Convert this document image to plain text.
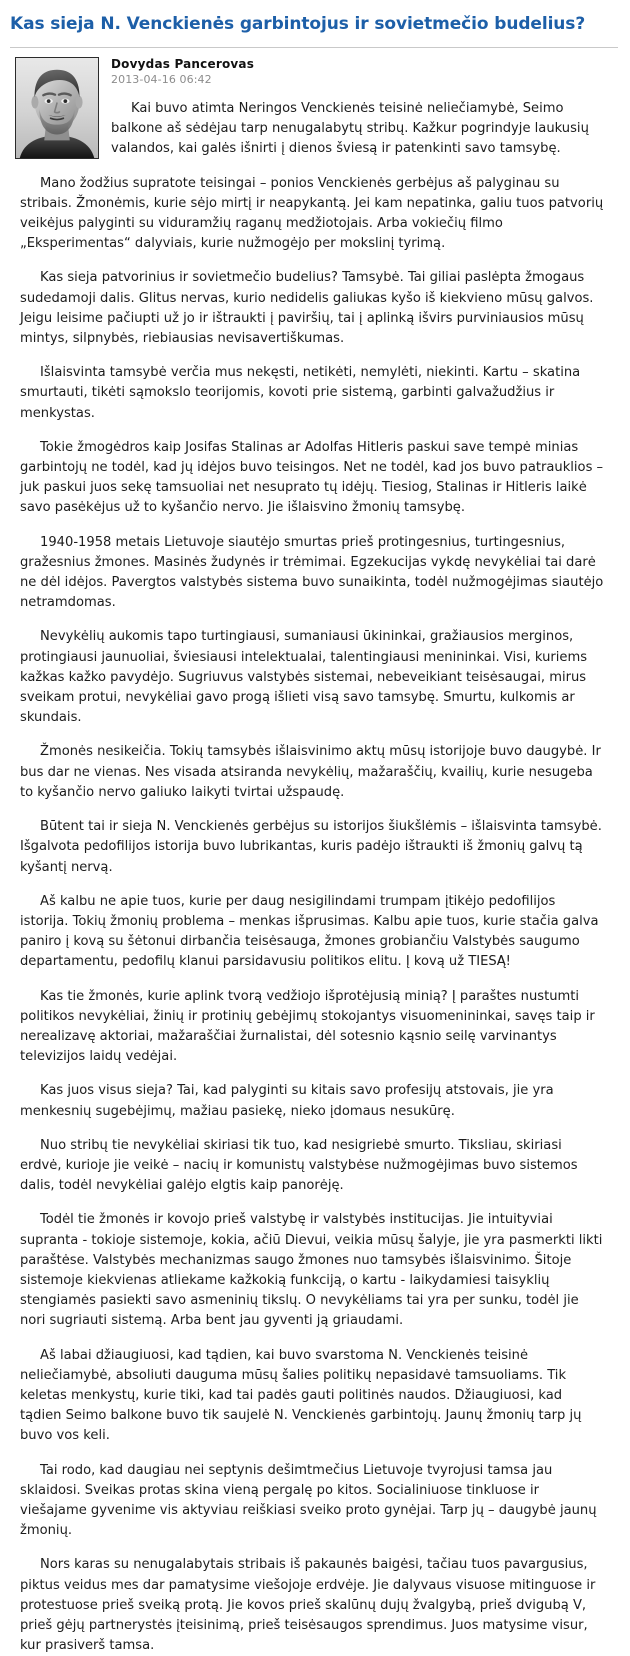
Kas sieja N. Venckienės garbintojus ir sovietmečio budelius?
Dovydas Pancerovas
2013-04-16 06:42

Kai buvo atimta Neringos Venckienės teisinė neliečiamybė, Seimo balkone aš sėdėjau tarp nenugalabytų stribų. Kažkur pogrindyje laukusių valandos, kai galės išnirti į dienos šviesą ir patenkinti savo tamsybę.

Mano žodžius supratote teisingai – ponios Venckienės gerbėjus aš palyginau su stribais. Žmonėmis, kurie sėjo mirtį ir neapykantą. Jei kam nepatinka, galiu tuos patvorių veikėjus palyginti su viduramžių raganų medžiotojais. Arba vokiečių filmo „Eksperimentas“ dalyviais, kurie nužmogėjo per mokslinį tyrimą.

Kas sieja patvorinius ir sovietmečio budelius? Tamsybė. Tai giliai paslėpta žmogaus sudedamoji dalis. Glitus nervas, kurio nedidelis galiukas kyšo iš kiekvieno mūsų galvos. Jeigu leisime pačiupti už jo ir ištraukti į paviršių, tai į aplinką išvirs purviniausios mūsų mintys, silpnybės, riebiausias nevisavertiškumas.

Išlaisvinta tamsybė verčia mus nekęsti, netikėti, nemylėti, niekinti. Kartu – skatina smurtauti, tikėti sąmokslo teorijomis, kovoti prie sistemą, garbinti galvažudžius ir menkystas.

Tokie žmogėdros kaip Josifas Stalinas ar Adolfas Hitleris paskui save tempė minias garbintojų ne todėl, kad jų idėjos buvo teisingos. Net ne todėl, kad jos buvo patrauklios – juk paskui juos sekę tamsuoliai net nesuprato tų idėjų. Tiesiog, Stalinas ir Hitleris laikė savo pasėkėjus už to kyšančio nervo. Jie išlaisvino žmonių tamsybę.

1940-1958 metais Lietuvoje siautėjo smurtas prieš protingesnius, turtingesnius, gražesnius žmones. Masinės žudynės ir trėmimai. Egzekucijas vykdę nevykėliai tai darė ne dėl idėjos. Pavergtos valstybės sistema buvo sunaikinta, todėl nužmogėjimas siautėjo netramdomas.

Nevykėlių aukomis tapo turtingiausi, sumaniausi ūkininkai, gražiausios merginos, protingiausi jaunuoliai, šviesiausi intelektualai, talentingiausi menininkai. Visi, kuriems kažkas kažko pavydėjo. Sugriuvus valstybės sistemai, nebeveikiant teisėsaugai, mirus sveikam protui, nevykėliai gavo progą išlieti visą savo tamsybę. Smurtu, kulkomis ar skundais.

Žmonės nesikeičia. Tokių tamsybės išlaisvinimo aktų mūsų istorijoje buvo daugybė. Ir bus dar ne vienas. Nes visada atsiranda nevykėlių, mažaraščių, kvailių, kurie nesugeba to kyšančio nervo galiuko laikyti tvirtai užspaudę.

Būtent tai ir sieja N. Venckienės gerbėjus su istorijos šiukšlėmis – išlaisvinta tamsybė. Išgalvota pedofilijos istorija buvo lubrikantas, kuris padėjo ištraukti iš žmonių galvų tą kyšantį nervą.

Aš kalbu ne apie tuos, kurie per daug nesigilindami trumpam įtikėjo pedofilijos istorija. Tokių žmonių problema – menkas išprusimas. Kalbu apie tuos, kurie stačia galva paniro į kovą su šėtonui dirbančia teisėsauga, žmones grobiančiu Valstybės saugumo departamentu, pedofilų klanui parsidavusiu politikos elitu. Į kovą už TIESĄ!

Kas tie žmonės, kurie aplink tvorą vedžiojo išprotėjusią minią? Į paraštes nustumti politikos nevykėliai, žinių ir protinių gebėjimų stokojantys visuomenininkai, savęs taip ir nerealizavę aktoriai, mažaraščiai žurnalistai, dėl sotesnio kąsnio seilę varvinantys televizijos laidų vedėjai.

Kas juos visus sieja? Tai, kad palyginti su kitais savo profesijų atstovais, jie yra menkesnių sugebėjimų, mažiau pasiekę, nieko įdomaus nesukūrę.

Nuo stribų tie nevykėliai skiriasi tik tuo, kad nesigriebė smurto. Tiksliau, skiriasi erdvė, kurioje jie veikė – nacių ir komunistų valstybėse nužmogėjimas buvo sistemos dalis, todėl nevykėliai galėjo elgtis kaip panorėję.

Todėl tie žmonės ir kovojo prieš valstybę ir valstybės institucijas. Jie intuityviai supranta - tokioje sistemoje, kokia, ačiū Dievui, veikia mūsų šalyje, jie yra pasmerkti likti paraštėse. Valstybės mechanizmas saugo žmones nuo tamsybės išlaisvinimo. Šitoje sistemoje kiekvienas atliekame kažkokią funkciją, o kartu - laikydamiesi taisyklių stengiamės pasiekti savo asmeninių tikslų. O nevykėliams tai yra per sunku, todėl jie nori sugriauti sistemą. Arba bent jau gyventi ją griaudami.

Aš labai džiaugiuosi, kad tądien, kai buvo svarstoma N. Venckienės teisinė neliečiamybė, absoliuti dauguma mūsų šalies politikų nepasidavė tamsuoliams. Tik keletas menkystų, kurie tiki, kad tai padės gauti politinės naudos. Džiaugiuosi, kad tądien Seimo balkone buvo tik saujelė N. Venckienės garbintojų. Jaunų žmonių tarp jų buvo vos keli.

Tai rodo, kad daugiau nei septynis dešimtmečius Lietuvoje tvyrojusi tamsa jau sklaidosi. Sveikas protas skina vieną pergalę po kitos. Socialiniuose tinkluose ir viešajame gyvenime vis aktyviau reiškiasi sveiko proto gynėjai. Tarp jų – daugybė jaunų žmonių.

Nors karas su nenugalabytais stribais iš pakaunės baigėsi, tačiau tuos pavargusius, piktus veidus mes dar pamatysime viešojoje erdvėje. Jie dalyvaus visuose mitinguose ir protestuose prieš sveiką protą. Jie kovos prieš skalūnų dujų žvalgybą, prieš dvigubą V, prieš gėjų partnerystės įteisinimą, prieš teisėsaugos sprendimus. Juos matysime visur, kur prasiverš tamsa.
